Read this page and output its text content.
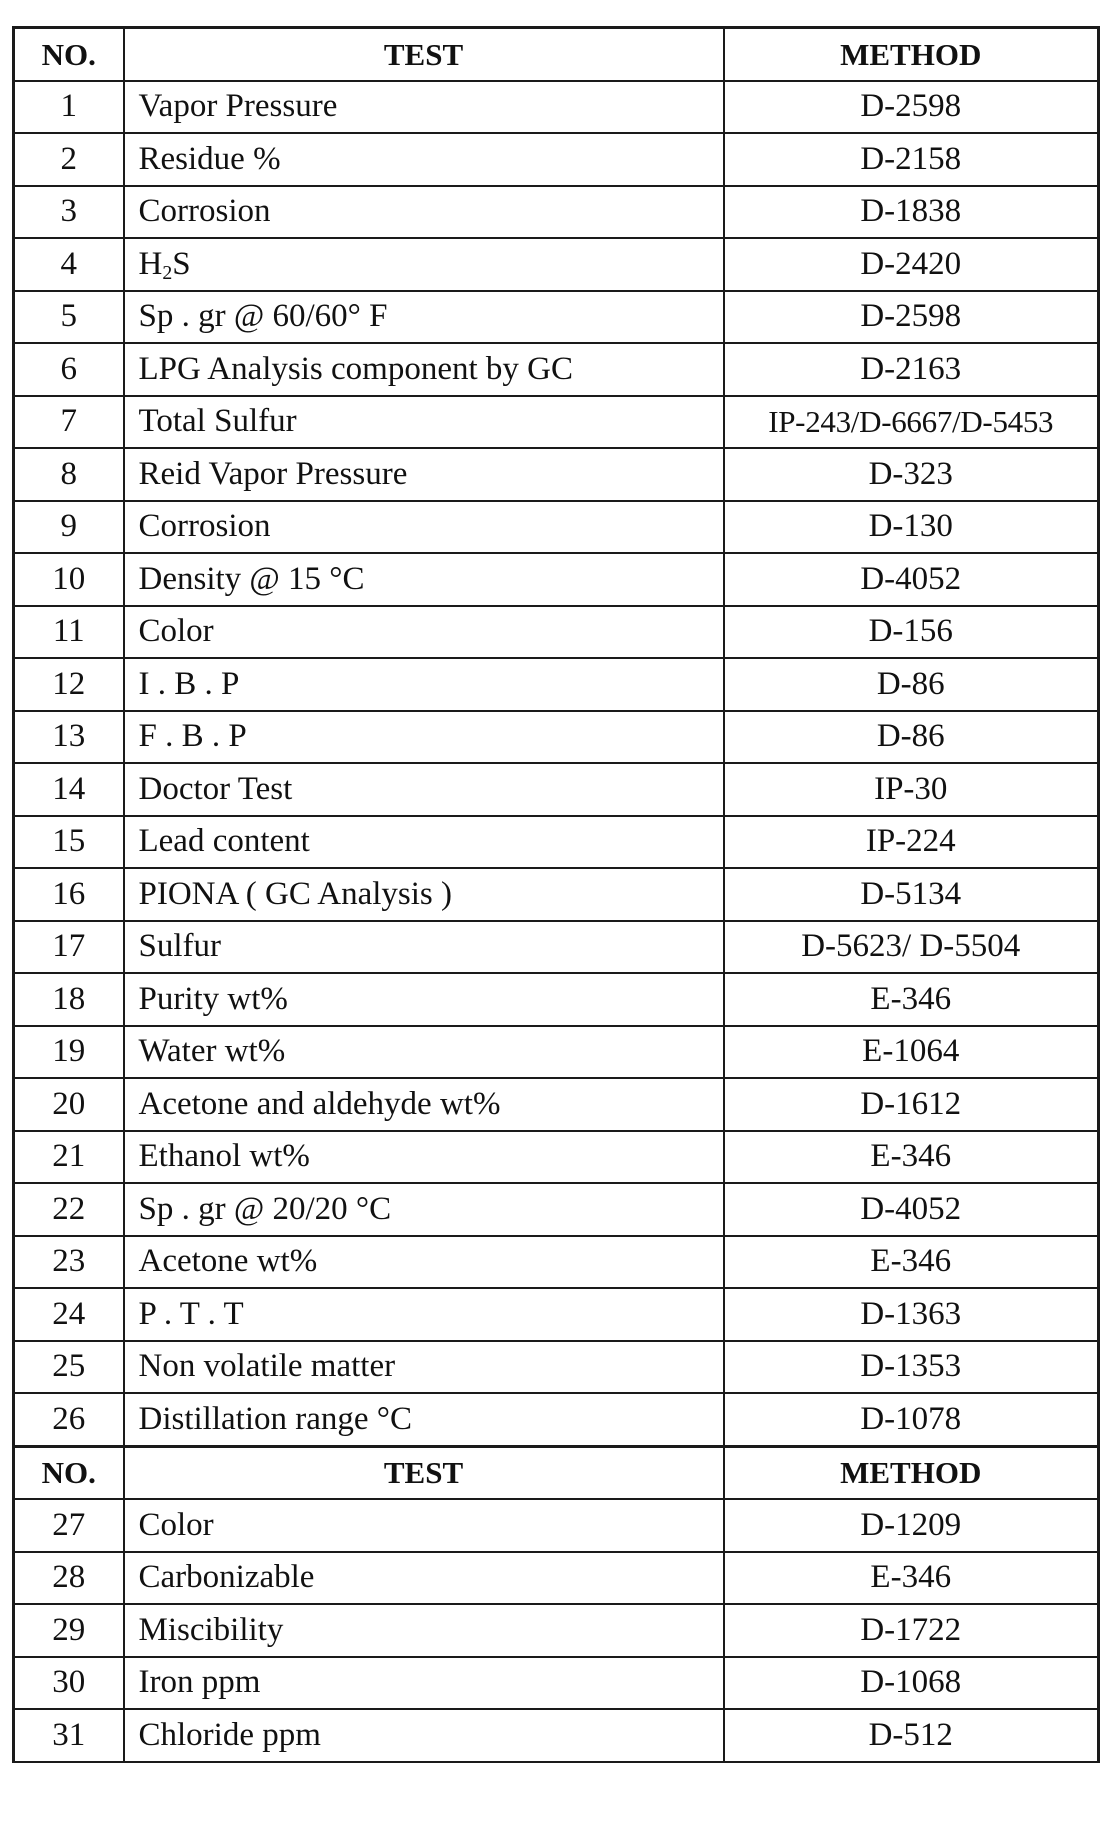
NO.	TEST	METHOD
1	Vapor Pressure	D-2598
2	Residue %	D-2158
3	Corrosion	D-1838
4	$H_2S$	D-2420
5	Sp . gr @ 60/60° F	D-2598
6	LPG Analysis component by GC	D-2163
7	Total Sulfur	IP-243/D-6667/D-5453
8	Reid Vapor Pressure	D-323
9	Corrosion	D-130
10	Density @ 15 °C	D-4052
11	Color	D-156
12	I . B . P	D-86
13	F . B . P	D-86
14	Doctor Test	IP-30
15	Lead content	IP-224
16	PIONA ( GC Analysis )	D-5134
17	Sulfur	D-5623/ D-5504
18	Purity wt%	E-346
19	Water wt%	E-1064
20	Acetone and aldehyde wt%	D-1612
21	Ethanol wt%	E-346
22	Sp . gr @ 20/20 °C	D-4052
23	Acetone wt%	E-346
24	P . T . T	D-1363
25	Non volatile matter	D-1353
26	Distillation range °C	D-1078
NO.	TEST	METHOD
27	Color	D-1209
28	Carbonizable	E-346
29	Miscibility	D-1722
30	Iron ppm	D-1068
31	Chloride ppm	D-512
